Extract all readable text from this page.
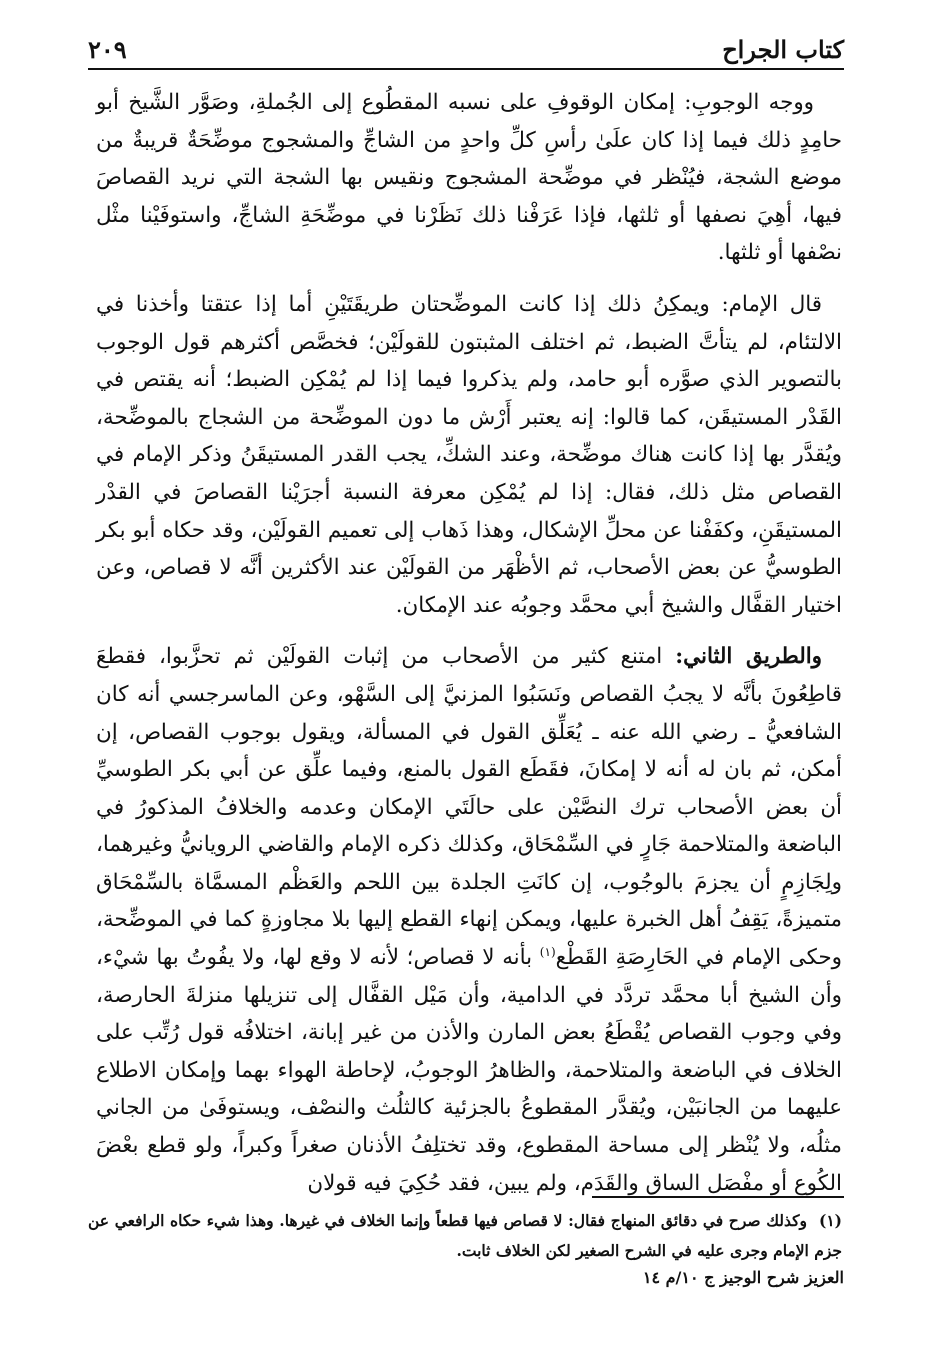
كتاب الجراح
٢٠٩

ووجه الوجوبِ: إمكان الوقوفِ على نسبه المقطُوع إلى الجُملةِ، وصَوَّر الشَّيخ أبو حامِدٍ ذلك فيما إذا كان علَىٰ رأسِ كلِّ واحدٍ من الشاجِّ والمشجوج موضِّحَةٌ قريبةٌ من موضع الشجة، فيُنْظر في موضِّحة المشجوج ونقيس بها الشجة التي نريد القصاصَ فيها، أهِيَ نصفها أو ثلثها، فإذا عَرَفْنا ذلك نَظَرْنا في موضِّحَةِ الشاجِّ، واستوفَيْنا مثْل نصْفها أو ثلثها.

قال الإمام: ويمكِنُ ذلك إذا كانت الموضِّحتان طريقَتَيْنِ أما إذا عتقتا وأخذنا في الالتئام، لم يتأتَّ الضبط، ثم اختلف المثبتون للقولَيْن؛ فخصَّص أكثرهم قول الوجوب بالتصوير الذي صوَّره أبو حامد، ولم يذكروا فيما إذا لم يُمْكِن الضبط؛ أنه يقتص في القَدْر المستيقَن، كما قالوا: إنه يعتبر أَرْش ما دون الموضِّحة من الشجاج بالموضِّحة، ويُقدَّر بها إذا كانت هناك موضِّحة، وعند الشكِّ، يجب القدر المستيقَنُ وذكر الإمام في القصاص مثل ذلك، فقال: إذا لم يُمْكِن معرفة النسبة أجرَيْنا القصاصَ في القدْر المستيقَنِ، وكفَفْنا عن محلِّ الإشكال، وهذا ذَهاب إلى تعميم القولَيْن، وقد حكاه أبو بكر الطوسيُّ عن بعض الأصحاب، ثم الأظْهَر من القولَيْن عند الأكثرين أنَّه لا قصاص، وعن اختيار القفَّال والشيخ أبي محمَّد وجوبُه عند الإمكان.

والطريق الثاني: امتنع كثير من الأصحاب من إثبات القولَيْن ثم تحزَّبوا، فقطعَ قاطِعُونَ بأنَّه لا يجبُ القصاص ونَسَبُوا المزنيَّ إلى السَّهْو، وعن الماسرجسي أنه كان الشافعيُّ ـ رضي الله عنه ـ يُعَلِّق القول في المسألة، ويقول بوجوب القصاص، إن أمكن، ثم بان له أنه لا إمكانَ، فقَطَع القول بالمنع، وفيما علِّق عن أبي بكر الطوسيِّ أن بعض الأصحاب ترك النصَّيْن على حالَتَي الإمكان وعدمه والخلافُ المذكورُ في الباضعة والمتلاحمة جَارٍ في السِّمْحَاق، وكذلك ذكره الإمام والقاضي الرويانيُّ وغيرهما، ولِجَازِمٍ أن يجزمَ بالوجُوب، إن كانَتِ الجلدة بين اللحم والعَظْم المسمَّاة بالسِّمْحَاق متميزةً، يَقِفُ أهل الخبرة عليها، ويمكن إنهاء القطع إليها بلا مجاوزةٍ كما في الموضِّحة، وحكى الإمام في الحَارِصَةِ القَطْع$^{(١)}$ بأنه لا قصاص؛ لأنه لا وقع لها، ولا يفُوتُ بها شيْء، وأن الشيخ أبا محمَّد تردَّد في الدامية، وأن مَيْل القفَّال إلى تنزيلها منزلةَ الحارصة، وفي وجوب القصاص يُقْطَعُ بعض المارن والأذن من غير إبانة، اختلافُه قول رُتِّب على الخلاف في الباضعة والمتلاحمة، والظاهرُ الوجوبُ، لإحاطة الهواء بهما وإمكان الاطلاع عليهما من الجانبَيْن، ويُقدَّر المقطوعُ بالجزئية كالثلُث والنصْف، ويستوفَىٰ من الجاني مثلُه، ولا يُنْظر إلى مساحة المقطوع، وقد تختلِفُ الأذنان صغراً وكبراً، ولو قطع بعْضَ الكُوع أو مفْصَل الساق والقَدَم، ولم يبين، فقد حُكِيَ فيه قولان

(١)وكذلك صرح في دقائق المنهاج فقال: لا قصاص فيها قطعاً وإنما الخلاف في غيرها. وهذا شيء حكاه الرافعي عن جزم الإمام وجرى عليه في الشرح الصغير لكن الخلاف ثابت.
العزيز شرح الوجيز ج ١٠/م ١٤
